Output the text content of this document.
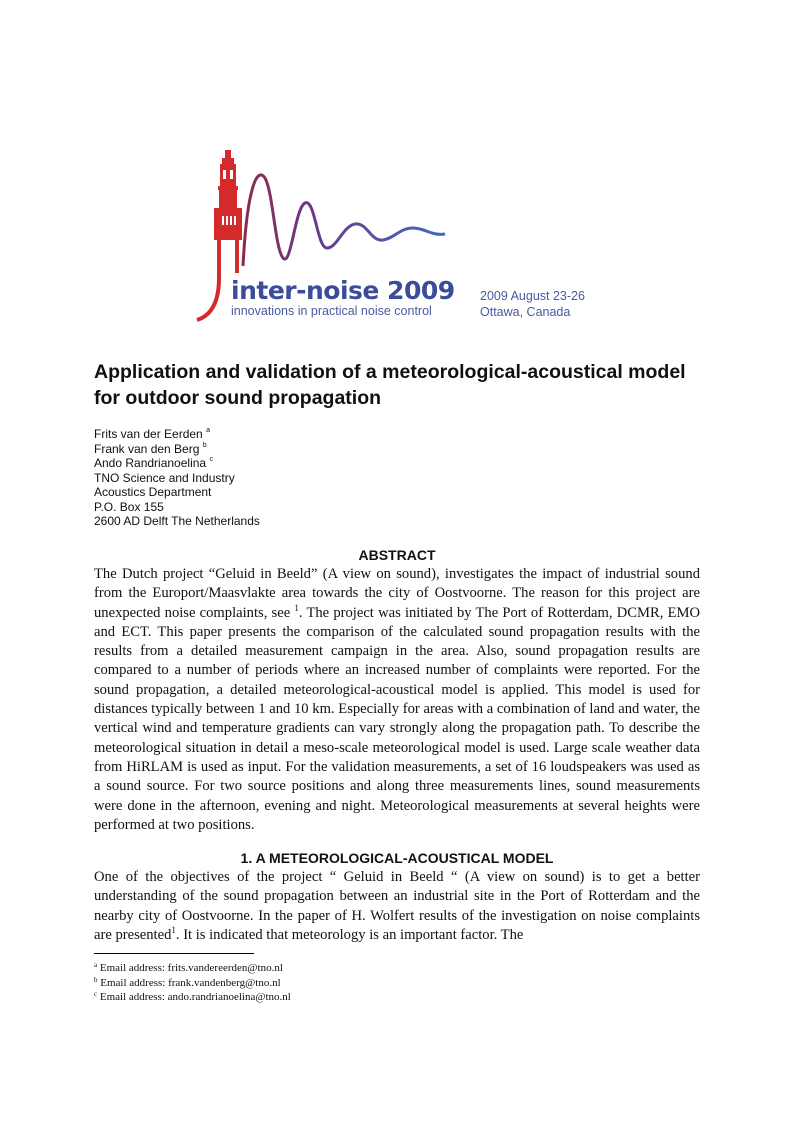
inter-noise 2009
innovations in practical noise control
2009 August 23-26
Ottawa, Canada
Application and validation of a meteorological-acoustical model for outdoor sound propagation
Frits van der Eerden $^a$
Frank van den Berg $^b$
Ando Randrianoelina $^c$
TNO Science and Industry
Acoustics Department
P.O. Box 155
2600 AD Delft The Netherlands
ABSTRACT

The Dutch project “Geluid in Beeld” (A view on sound), investigates the impact of industrial sound from the Europort/Maasvlakte area towards the city of Oostvoorne. The reason for this project are unexpected noise complaints, see $^1$. The project was initiated by The Port of Rotterdam, DCMR, EMO and ECT. This paper presents the comparison of the calculated sound propagation results with the results from a detailed measurement campaign in the area. Also, sound propagation results are compared to a number of periods where an increased number of complaints were reported. For the sound propagation, a detailed meteorological-acoustical model is applied. This model is used for distances typically between 1 and 10 km. Especially for areas with a combination of land and water, the vertical wind and temperature gradients can vary strongly along the propagation path. To describe the meteorological situation in detail a meso-scale meteorological model is used. Large scale weather data from HiRLAM is used as input. For the validation measurements, a set of 16 loudspeakers was used as a sound source. For two source positions and along three measurements lines, sound measurements were done in the afternoon, evening and night. Meteorological measurements at several heights were performed at two positions.

1. A METEOROLOGICAL-ACOUSTICAL MODEL

One of the objectives of the project “ Geluid in Beeld “ (A view on sound) is to get a better understanding of the sound propagation between an industrial site in the Port of Rotterdam and the nearby city of Oostvoorne. In the paper of H. Wolfert results of the investigation on noise complaints are presented$^1$. It is indicated that meteorology is an important factor. The

$^a$ Email address: frits.vandereerden@tno.nl
$^b$ Email address: frank.vandenberg@tno.nl
$^c$ Email address: ando.randrianoelina@tno.nl
